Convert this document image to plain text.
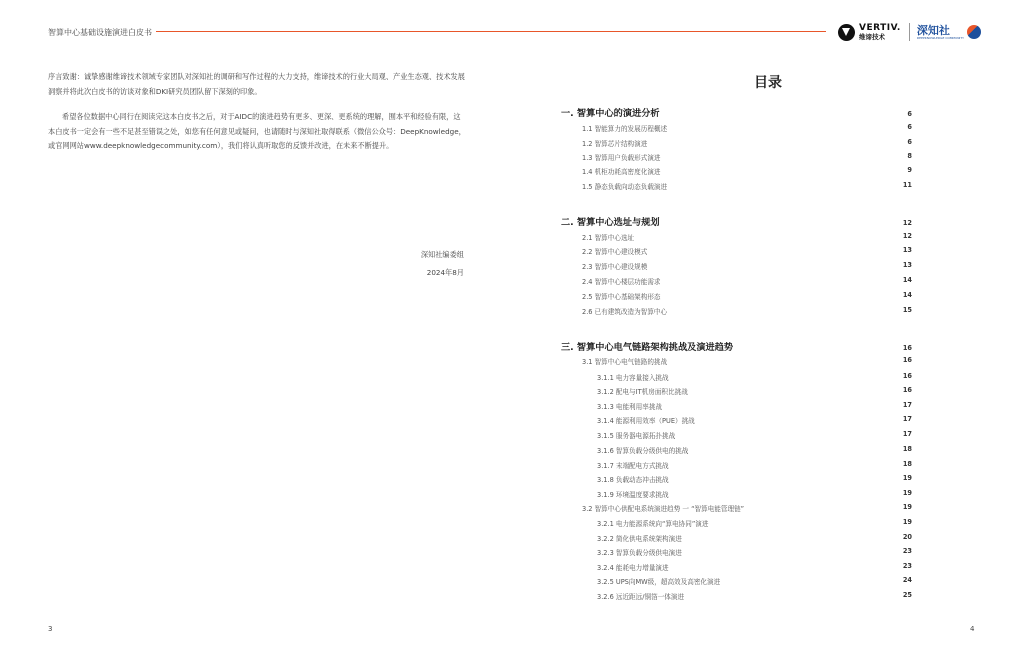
智算中心基础设施演进白皮书	VERTIV.
维谛技术
深知社
DEEPKNOWLEDGE COMMUNITY

序言致谢：诚挚感谢维谛技术领域专家团队对深知社的调研和写作过程的大力支持，维谛技术的行业大局观、产业生态观、技术发展洞察并将此次白皮书的访谈对象和DKI研究员团队留下深刻的印象。

希望各位数据中心同行在阅读完这本白皮书之后，对于AIDC的演进趋势有更多、更深、更系统的理解，囿本平和经验有限，这本白皮书一定会有一些不足甚至错误之处，如您有任何意见或疑问，也请随时与深知社取得联系（微信公众号：DeepKnowledge，或官网网站www.deepknowledgecommunity.com），我们将认真听取您的反馈并改进，在未来不断提升。

深知社编委组
2024年8月
3	4
目录
一. 智算中心的演进分析	6
1.1 智能算力的发展历程概述	6
1.2 智算芯片结构演进	6
1.3 智算用户负载形式演进	8
1.4 机柜功耗高密度化演进	9
1.5 静态负载向动态负载演进	11
二. 智算中心选址与规划	12
2.1 智算中心选址	12
2.2 智算中心建设模式	13
2.3 智算中心建设规模	13
2.4 智算中心楼层功能需求	14
2.5 智算中心基础架构形态	14
2.6 已有建筑改造为智算中心	15
三. 智算中心电气链路架构挑战及演进趋势	16
3.1 智算中心电气链路的挑战	16
3.1.1 电力容量接入挑战	16
3.1.2 配电与IT机房面积比挑战	16
3.1.3 电能利用率挑战	17
3.1.4 能源利用效率（PUE）挑战	17
3.1.5 服务器电源拓扑挑战	17
3.1.6 智算负载分级供电的挑战	18
3.1.7 末端配电方式挑战	18
3.1.8 负载动态冲击挑战	19
3.1.9 环境温度要求挑战	19
3.2 智算中心供配电系统演进趋势 一 “智算电能管理链”	19
3.2.1 电力能源系统向“算电协同”演进	19
3.2.2 简化供电系统架构演进	20
3.2.3 智算负载分级供电演进	23
3.2.4 能耗电力增量演进	23
3.2.5 UPS向MW级，超高效及高密化演进	24
3.2.6 远近距远/铜箔一体演进	25
